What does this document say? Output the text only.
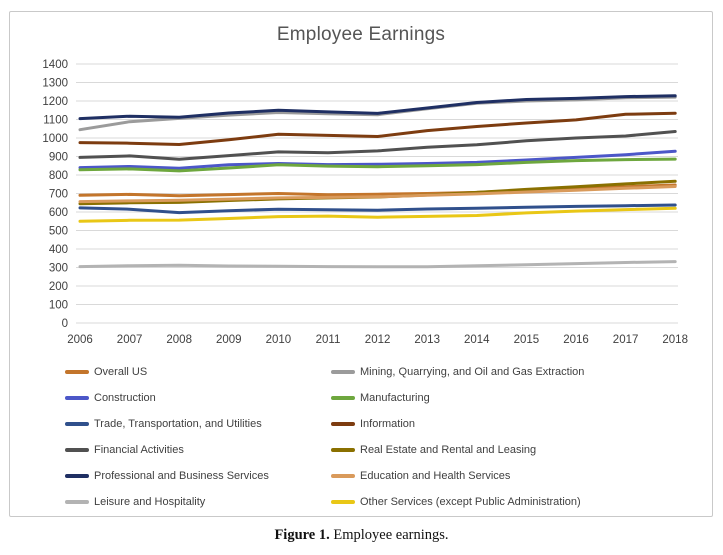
Employee Earnings
0
100
200
300
400
500
600
700
800
900
1000
1100
1200
1300
1400
2006 2007 2008 2009 2010 2011 2012 2013 2014 2015 2016 2017 2018
Overall US	Mining, Quarrying, and Oil and Gas Extraction
Construction	Manufacturing
Trade, Transportation, and Utilities	Information
Financial Activities	Real Estate and Rental and Leasing
Professional and Business Services	Education and Health Services
Leisure and Hospitality	Other Services (except Public Administration)
Figure 1. Employee earnings.
